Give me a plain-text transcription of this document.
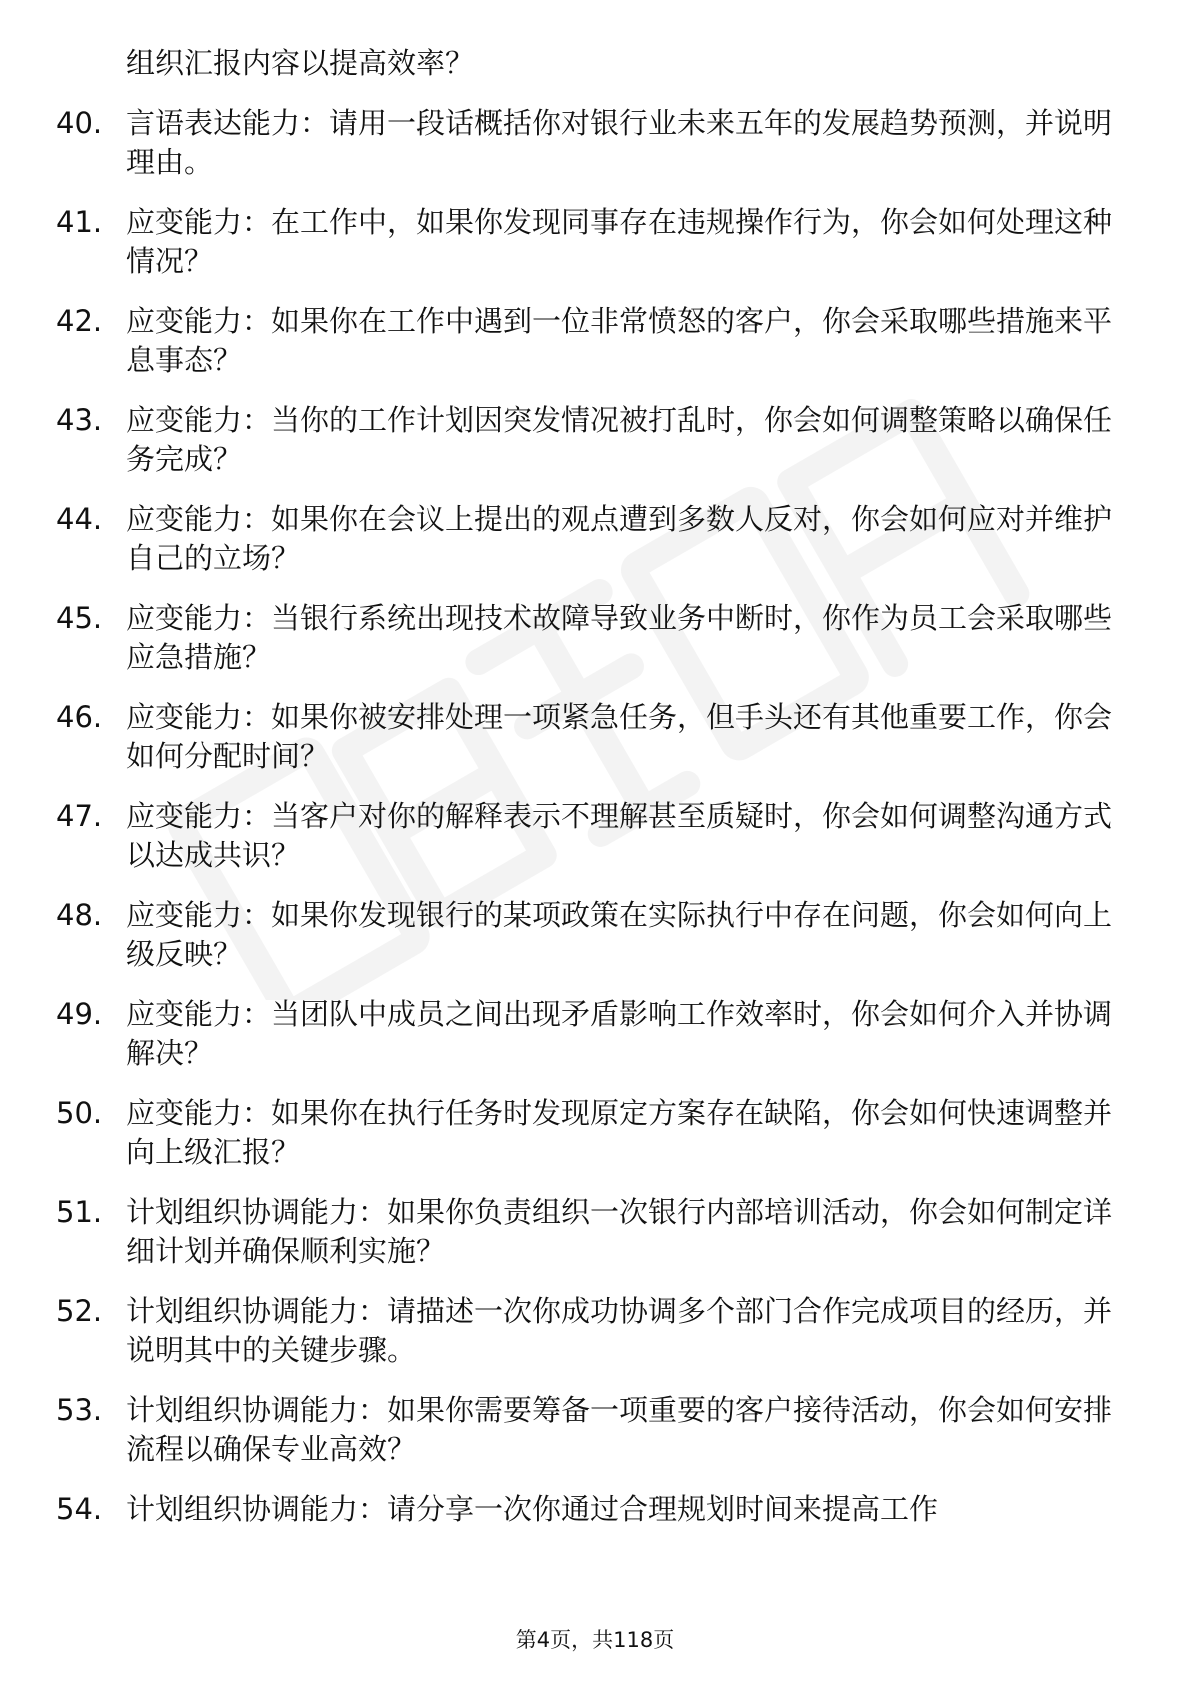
组织汇报内容以提高效率？
40. 言语表达能力：请用一段话概括你对银行业未来五年的发展趋势预测，并说明理由。
41. 应变能力：在工作中，如果你发现同事存在违规操作行为，你会如何处理这种情况？
42. 应变能力：如果你在工作中遇到一位非常愤怒的客户，你会采取哪些措施来平息事态？
43. 应变能力：当你的工作计划因突发情况被打乱时，你会如何调整策略以确保任务完成？
44. 应变能力：如果你在会议上提出的观点遭到多数人反对，你会如何应对并维护自己的立场？
45. 应变能力：当银行系统出现技术故障导致业务中断时，你作为员工会采取哪些应急措施？
46. 应变能力：如果你被安排处理一项紧急任务，但手头还有其他重要工作，你会如何分配时间？
47. 应变能力：当客户对你的解释表示不理解甚至质疑时，你会如何调整沟通方式以达成共识？
48. 应变能力：如果你发现银行的某项政策在实际执行中存在问题，你会如何向上级反映？
49. 应变能力：当团队中成员之间出现矛盾影响工作效率时，你会如何介入并协调解决？
50. 应变能力：如果你在执行任务时发现原定方案存在缺陷，你会如何快速调整并向上级汇报？
51. 计划组织协调能力：如果你负责组织一次银行内部培训活动，你会如何制定详细计划并确保顺利实施？
52. 计划组织协调能力：请描述一次你成功协调多个部门合作完成项目的经历，并说明其中的关键步骤。
53. 计划组织协调能力：如果你需要筹备一项重要的客户接待活动，你会如何安排流程以确保专业高效？
54. 计划组织协调能力：请分享一次你通过合理规划时间来提高工作
第4页，共118页
